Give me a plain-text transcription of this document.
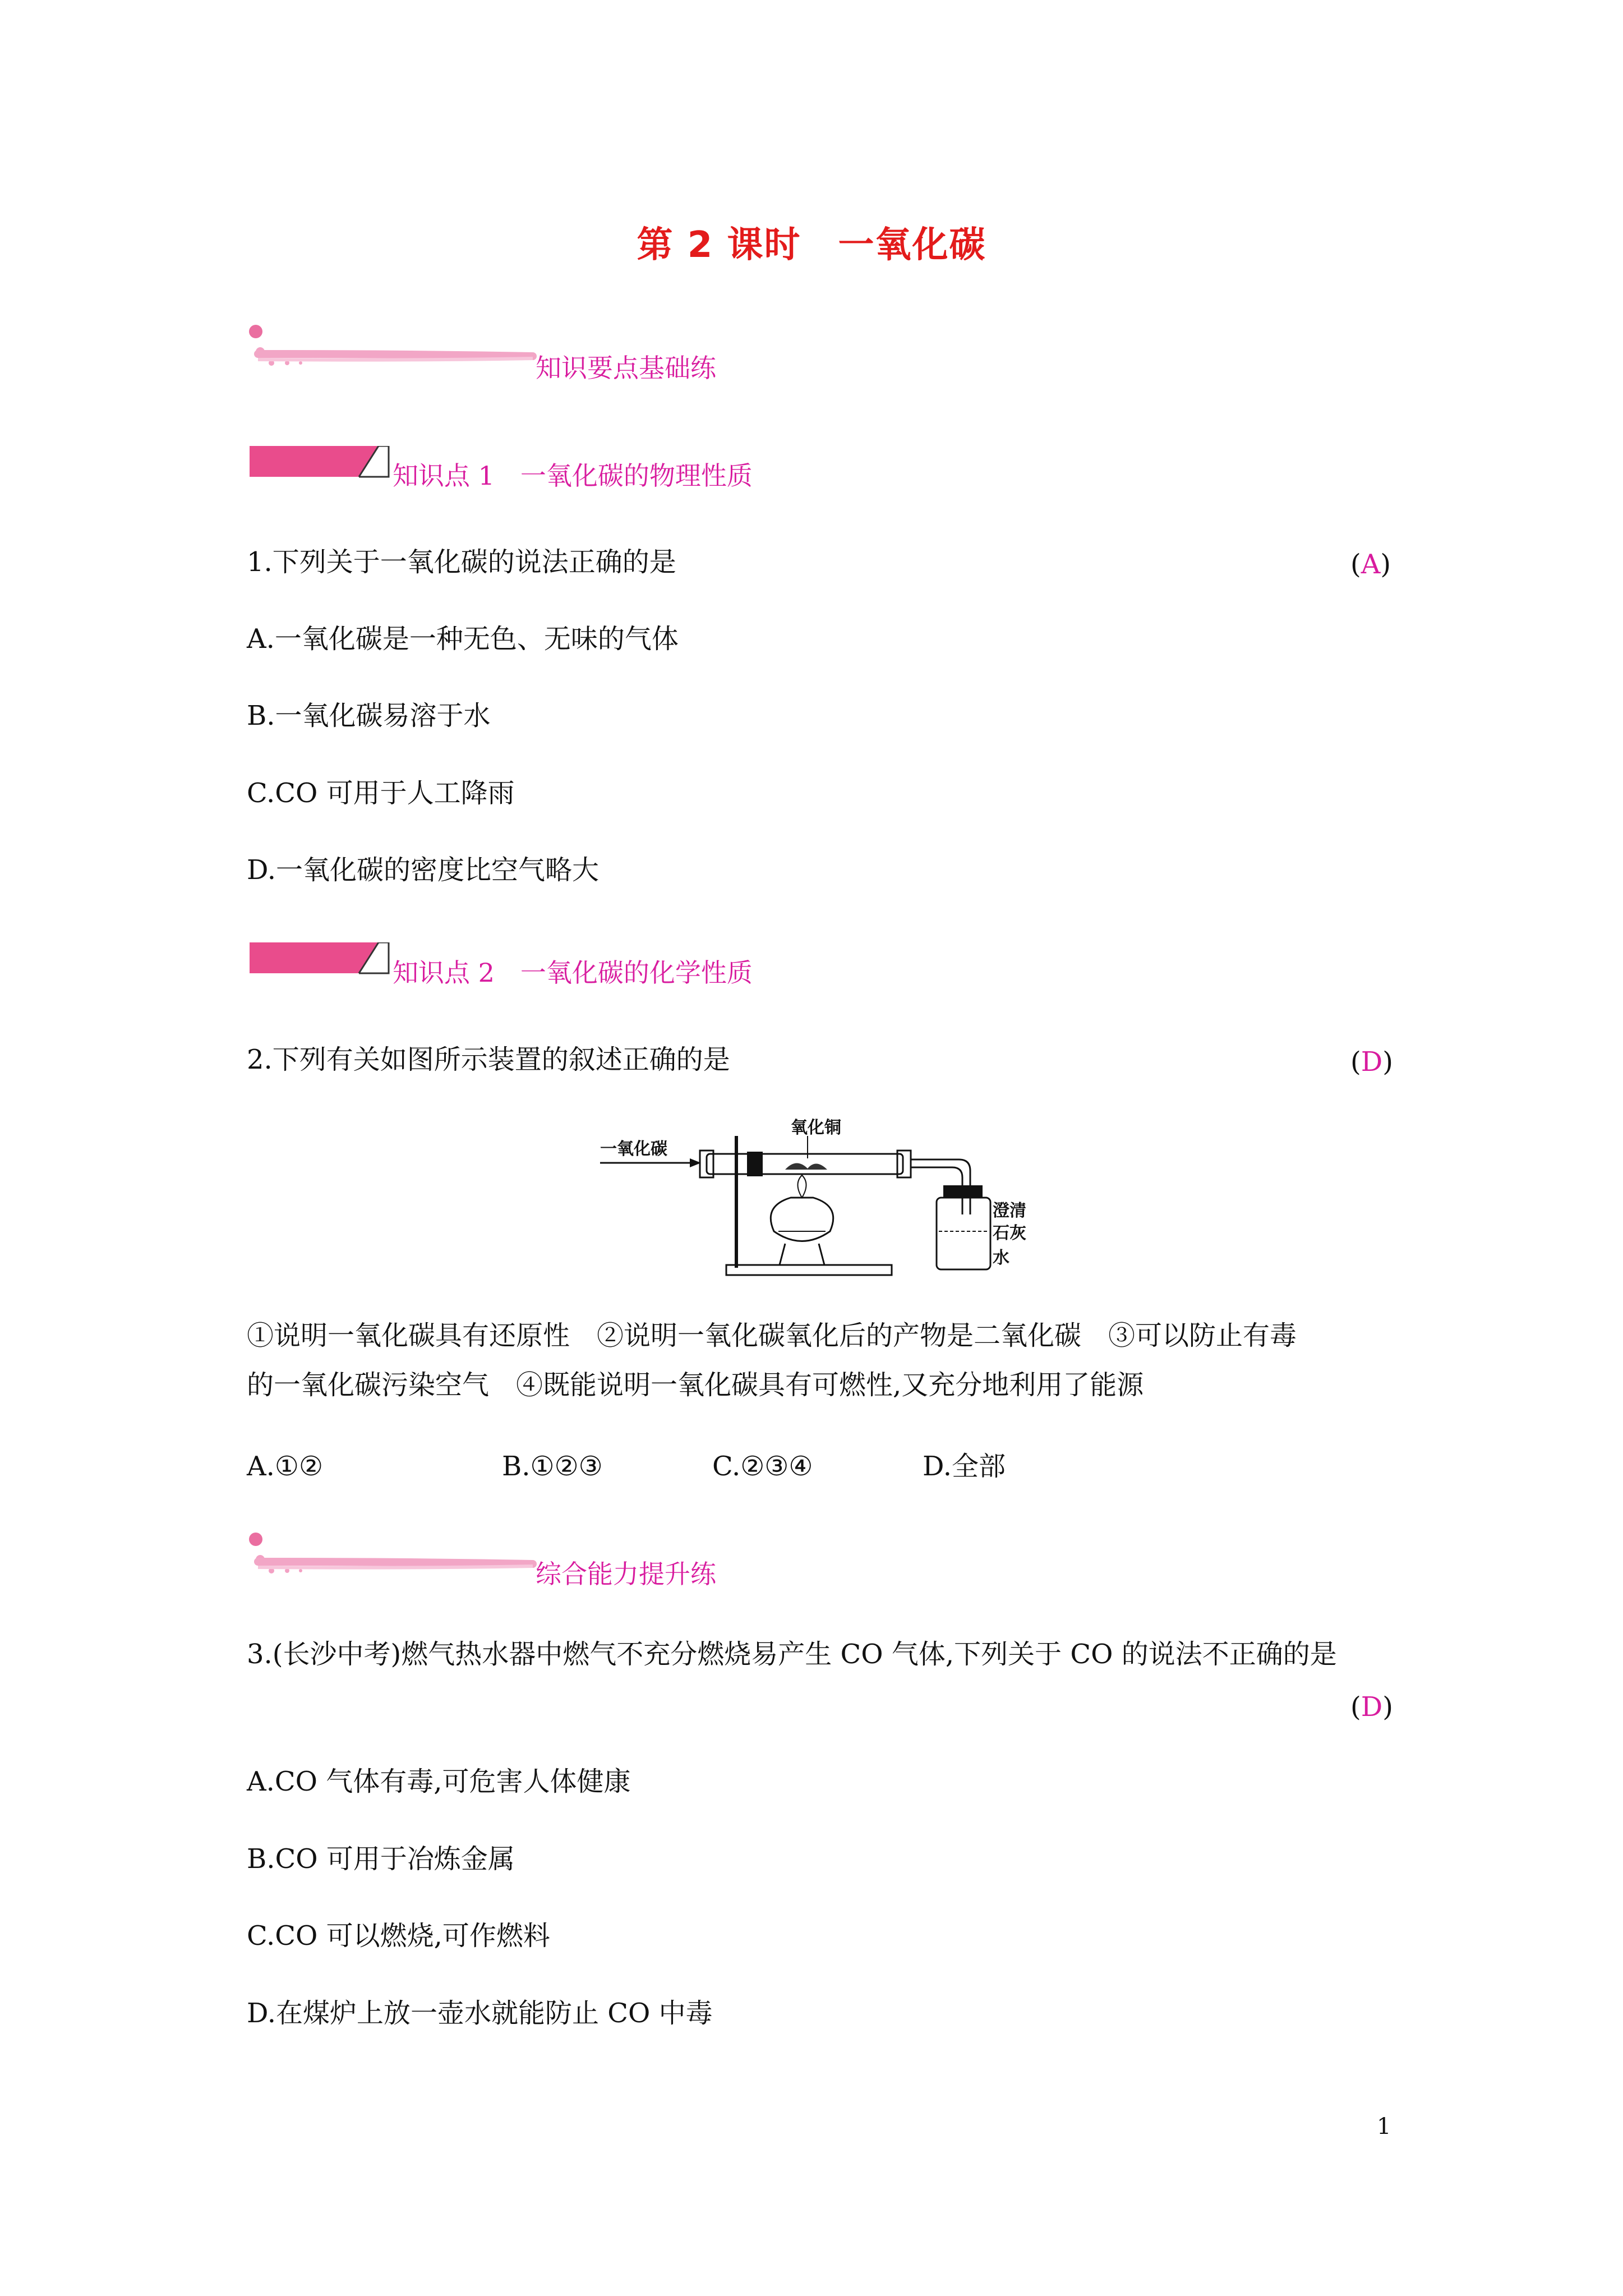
第 2 课时　一氧化碳
知识要点基础练
知识点 1　一氧化碳的物理性质
1.下列关于一氧化碳的说法正确的是	(A)
A.一氧化碳是一种无色、无味的气体
B.一氧化碳易溶于水
C.CO 可用于人工降雨
D.一氧化碳的密度比空气略大
知识点 2　一氧化碳的化学性质
2.下列有关如图所示装置的叙述正确的是	(D)
一氧化碳
氧化铜
澄清
石灰水
①说明一氧化碳具有还原性　②说明一氧化碳氧化后的产物是二氧化碳　③可以防止有毒
的一氧化碳污染空气　④既能说明一氧化碳具有可燃性,又充分地利用了能源
A.①②	B.①②③	C.②③④	D.全部
综合能力提升练
3.(长沙中考)燃气热水器中燃气不充分燃烧易产生 CO 气体,下列关于 CO 的说法不正确的是
(D)
A.CO 气体有毒,可危害人体健康
B.CO 可用于冶炼金属
C.CO 可以燃烧,可作燃料
D.在煤炉上放一壶水就能防止 CO 中毒
1
